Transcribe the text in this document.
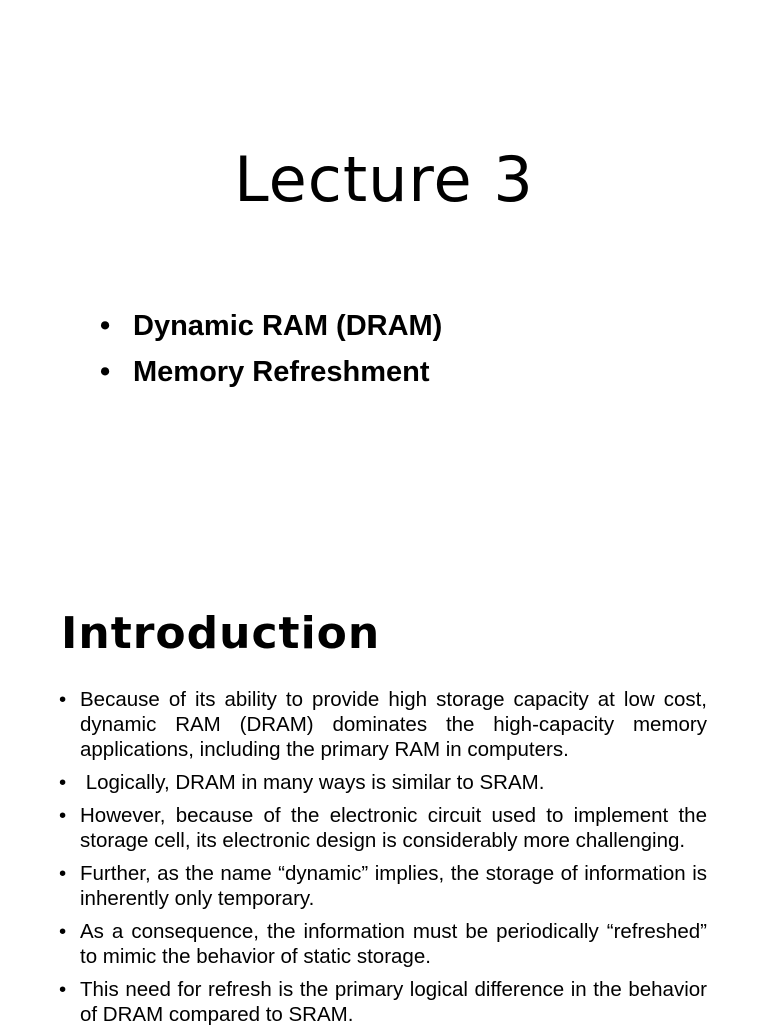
Lecture 3
• Dynamic RAM (DRAM)
• Memory Refreshment
Introduction
• Because of its ability to provide high storage capacity at low cost, dynamic RAM (DRAM) dominates the high-capacity memory applications, including the primary RAM in computers.
• Logically, DRAM in many ways is similar to SRAM.
• However, because of the electronic circuit used to implement the storage cell, its electronic design is considerably more challenging.
• Further, as the name “dynamic” implies, the storage of information is inherently only temporary.
• As a consequence, the information must be periodically “refreshed” to mimic the behavior of static storage.
• This need for refresh is the primary logical difference in the behavior of DRAM compared to SRAM.
